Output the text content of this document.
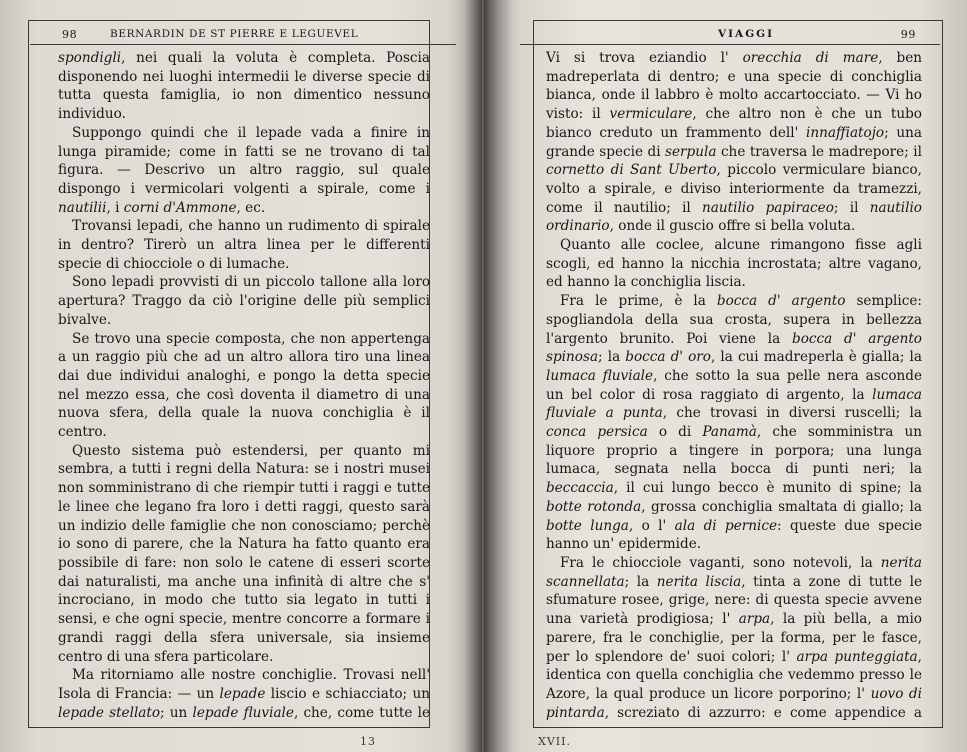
98	BERNARDIN DE ST PIERRE E LEGUEVEL

spondigli, nei quali la voluta è completa. Poscia disponendo nei luoghi intermedii le diverse specie di tutta questa famiglia, io non dimentico nessuno individuo.

Suppongo quindi che il lepade vada a finire in lunga piramide; come in fatti se ne trovano di tal figura. — Descrivo un altro raggio, sul quale dispongo i vermicolari volgenti a spirale, come i nautilii, i corni d'Ammone, ec.

Trovansi lepadi, che hanno un rudimento di spirale in dentro? Tirerò un altra linea per le differenti specie di chiocciole o di lumache.

Sono lepadi provvisti di un piccolo tallone alla loro apertura? Traggo da ciò l'origine delle più semplici bivalve.

Se trovo una specie composta, che non appertenga a un raggio più che ad un altro allora tiro una linea dai due individui analoghi, e pongo la detta specie nel mezzo essa, che così doventa il diametro di una nuova sfera, della quale la nuova conchiglia è il centro.

Questo sistema può estendersi, per quanto mi sembra, a tutti i regni della Natura: se i nostri musei non somministrano di che riempir tutti i raggi e tutte le linee che legano fra loro i detti raggi, questo sarà un indizio delle famiglie che non conosciamo; perchè io sono di parere, che la Natura ha fatto quanto era possibile di fare: non solo le catene di esseri scorte dai naturalisti, ma anche una infinità di altre che s' incrociano, in modo che tutto sia legato in tutti i sensi, e che ogni specie, mentre concorre a formare i grandi raggi della sfera universale, sia insieme centro di una sfera particolare.

Ma ritorniamo alle nostre conchiglie. Trovasi nell' Isola di Francia: — un lepade liscio e schiacciato; un lepade stellato; un lepade fluviale, che, come tutte le

VIAGGI	99

Vi si trova eziandio l' orecchia di mare, ben madreperlata di dentro; e una specie di conchiglia bianca, onde il labbro è molto accartocciato. — Vi ho visto: il vermiculare, che altro non è che un tubo bianco creduto un frammento dell' innaffiatojo; una grande specie di serpula che traversa le madrepore; il cornetto di Sant Uberto, piccolo vermiculare bianco, volto a spirale, e diviso interiormente da tramezzi, come il nautilio; il nautilio papiraceo; il nautilio ordinario, onde il guscio offre si bella voluta.

Quanto alle coclee, alcune rimangono fisse agli scogli, ed hanno la nicchia incrostata; altre vagano, ed hanno la conchiglia liscia.

Fra le prime, è la bocca d' argento semplice: spogliandola della sua crosta, supera in bellezza l'argento brunito. Poi viene la bocca d' argento spinosa; la bocca d' oro, la cui madreperla è gialla; la lumaca fluviale, che sotto la sua pelle nera asconde un bel color di rosa raggiato di argento, la lumaca fluviale a punta, che trovasi in diversi ruscelli; la conca persica o di Panamà, che somministra un liquore proprio a tingere in porpora; una lunga lumaca, segnata nella bocca di punti neri; la beccaccia, il cui lungo becco è munito di spine; la botte rotonda, grossa conchiglia smaltata di giallo; la botte lunga, o l' ala di pernice: queste due specie hanno un' epidermide.

Fra le chiocciole vaganti, sono notevoli, la nerita scannellata; la nerita liscia, tinta a zone di tutte le sfumature rosee, grige, nere: di questa specie avvene una varietà prodigiosa; l' arpa, la più bella, a mio parere, fra le conchiglie, per la forma, per le fasce, per lo splendore de' suoi colori; l' arpa punteggiata, identica con quella conchiglia che vedemmo presso le Azore, la qual produce un licore porporino; l' uovo di pintarda, screziato di azzurro: e come appendice a

13	XVII.
